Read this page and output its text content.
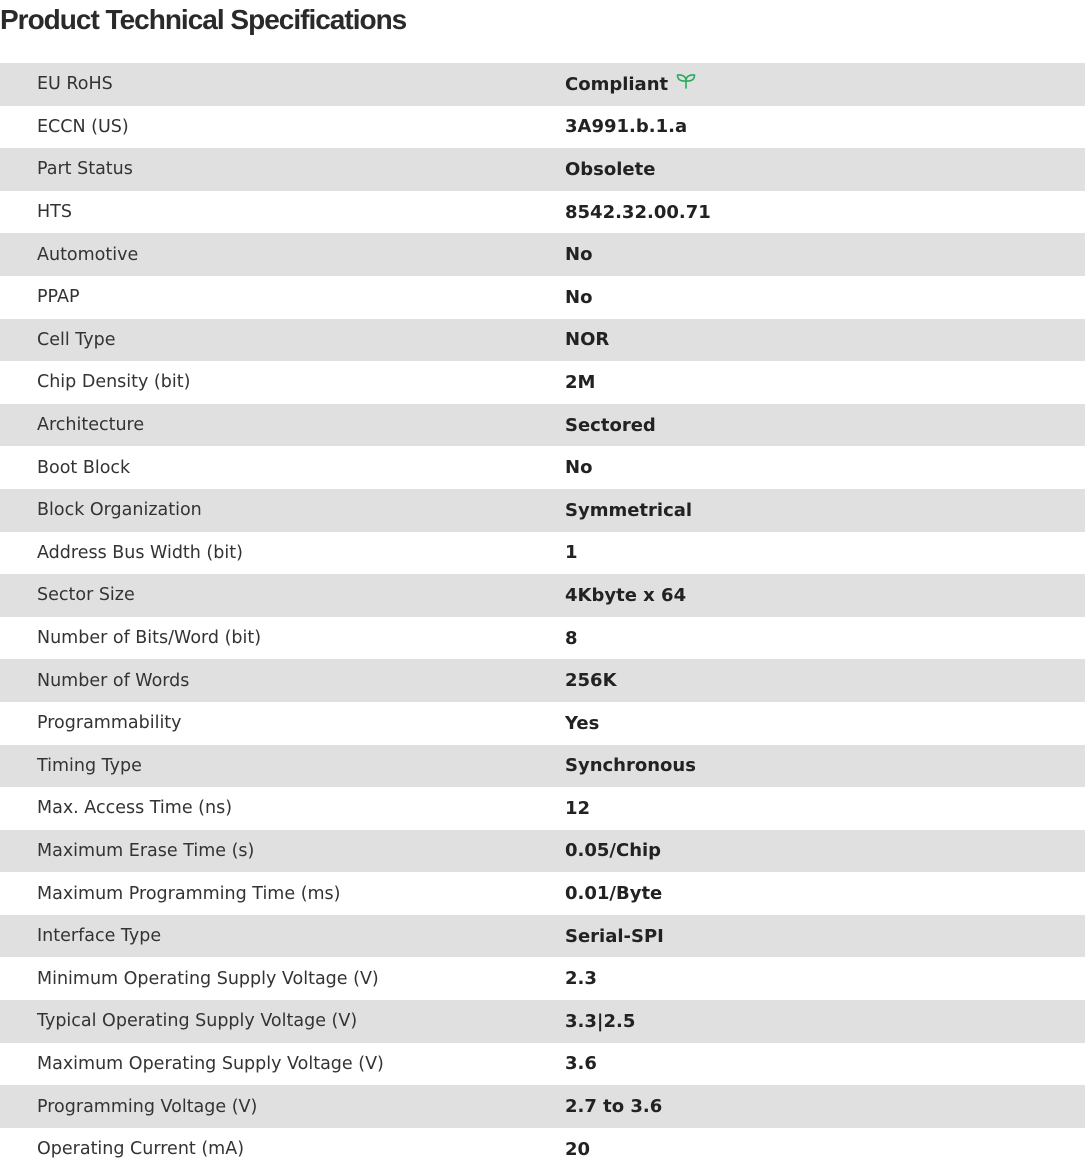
Product Technical Specifications
EU RoHS	Compliant
ECCN (US)	3A991.b.1.a
Part Status	Obsolete
HTS	8542.32.00.71
Automotive	No
PPAP	No
Cell Type	NOR
Chip Density (bit)	2M
Architecture	Sectored
Boot Block	No
Block Organization	Symmetrical
Address Bus Width (bit)	1
Sector Size	4Kbyte x 64
Number of Bits/Word (bit)	8
Number of Words	256K
Programmability	Yes
Timing Type	Synchronous
Max. Access Time (ns)	12
Maximum Erase Time (s)	0.05/Chip
Maximum Programming Time (ms)	0.01/Byte
Interface Type	Serial-SPI
Minimum Operating Supply Voltage (V)	2.3
Typical Operating Supply Voltage (V)	3.3|2.5
Maximum Operating Supply Voltage (V)	3.6
Programming Voltage (V)	2.7 to 3.6
Operating Current (mA)	20
